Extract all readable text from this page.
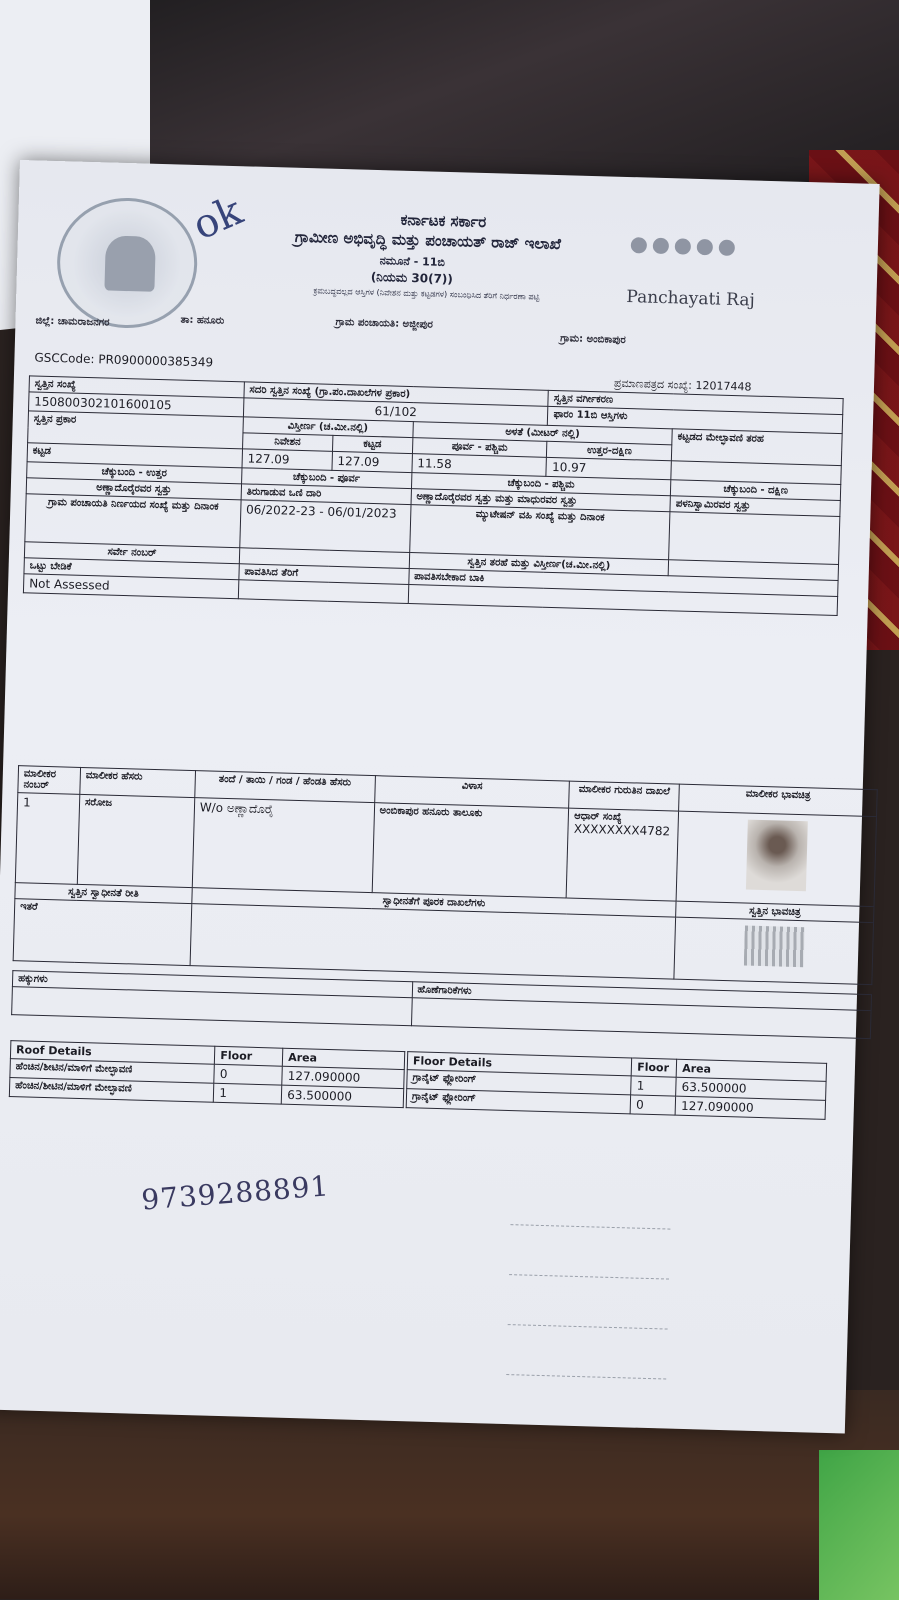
ok	ಕರ್ನಾಟಕ ಸರ್ಕಾರ
ಗ್ರಾಮೀಣ ಅಭಿವೃದ್ಧಿ ಮತ್ತು ಪಂಚಾಯತ್ ರಾಜ್ ಇಲಾಖೆ
ನಮೂನೆ - 11ಬಿ
(ನಿಯಮ 30(7))
ಕ್ರಮಬದ್ಧವಲ್ಲದ ಆಸ್ತಿಗಳ (ನಿವೇಶನ ಮತ್ತು ಕಟ್ಟಡಗಳ) ಸಂಬಂಧಿಸಿದ ತೆರಿಗೆ ನಿರ್ಧರಣಾ ಪಟ್ಟಿ	Panchayati Raj
ಜಿಲ್ಲೆ: ಚಾಮರಾಜನಗರ	ತಾ: ಹನೂರು	ಗ್ರಾಮ ಪಂಚಾಯತಿ: ಅಜ್ಜೀಪುರ
ಗ್ರಾಮ: ಅಂಬಿಕಾಪುರ
GSCCode: PR0900000385349
ಪ್ರಮಾಣಪತ್ರದ ಸಂಖ್ಯೆ: 12017448
ಸ್ವತ್ತಿನ ಸಂಖ್ಯೆ	ಸದರಿ ಸ್ವತ್ತಿನ ಸಂಖ್ಯೆ (ಗ್ರಾ.ಪಂ.ದಾಖಲೆಗಳ ಪ್ರಕಾರ)			ಸ್ವತ್ತಿನ ವರ್ಗೀಕರಣ	
150800302101600105	61/102			ಫಾರಂ 11ಬಿ ಆಸ್ತಿಗಳು	
ಸ್ವತ್ತಿನ ಪ್ರಕಾರ	ವಿಸ್ತೀರ್ಣ (ಚ.ಮೀ.ನಲ್ಲಿ)		ಅಳತೆ (ಮೀಟರ್ ನಲ್ಲಿ)		ಕಟ್ಟಡದ ಮೇಲ್ಛಾವಣಿ ತರಹ
	ನಿವೇಶನ	ಕಟ್ಟಡ	ಪೂರ್ವ - ಪಶ್ಚಿಮ	ಉತ್ತರ-ದಕ್ಷಿಣ	
ಕಟ್ಟಡ	127.09	127.09	11.58	10.97	
ಚೆಕ್ಕುಬಂದಿ - ಉತ್ತರ	ಚೆಕ್ಕುಬಂದಿ - ಪೂರ್ವ		ಚೆಕ್ಕುಬಂದಿ - ಪಶ್ಚಿಮ		ಚೆಕ್ಕುಬಂದಿ - ದಕ್ಷಿಣ
ಅಣ್ಣಾದೊರೈರವರ ಸ್ವತ್ತು	ತಿರುಗಾಡುವ ಒಣಿ ದಾರಿ		ಅಣ್ಣಾದೊರೈರವರ ಸ್ವತ್ತು ಮತ್ತು ಮಾಧುರವರ ಸ್ವತ್ತು		ಪಳನಿಸ್ವಾಮಿರವರ ಸ್ವತ್ತು
ಗ್ರಾಮ ಪಂಚಾಯತಿ ನಿರ್ಣಯದ ಸಂಖ್ಯೆ ಮತ್ತು ದಿನಾಂಕ	06/2022-23 - 06/01/2023		ಮ್ಯುಟೇಷನ್ ವಹಿ ಸಂಖ್ಯೆ ಮತ್ತು ದಿನಾಂಕ		
ಸರ್ವೇ ನಂಬರ್			ಸ್ವತ್ತಿನ ತರಹೆ ಮತ್ತು ವಿಸ್ತೀರ್ಣ(ಚ.ಮೀ.ನಲ್ಲಿ)		
ಒಟ್ಟು ಬೇಡಿಕೆ	ಪಾವತಿಸಿದ ತೆರಿಗೆ		ಪಾವತಿಸಬೇಕಾದ ಬಾಕಿ		
Not Assessed					
ಮಾಲೀಕರ ನಂಬರ್	ಮಾಲೀಕರ ಹೆಸರು	ತಂದೆ / ತಾಯಿ / ಗಂಡ / ಹೆಂಡತಿ ಹೆಸರು	ವಿಳಾಸ	ಮಾಲೀಕರ ಗುರುತಿನ ದಾಖಲೆ	ಮಾಲೀಕರ ಭಾವಚಿತ್ರ
1	ಸರೋಜ	W/o ಅಣ್ಣಾದೊರೈ	ಅಂಬಿಕಾಪುರ ಹನೂರು ತಾಲೂಕು	ಆಧಾರ್ ಸಂಖ್ಯೆ
XXXXXXXX4782	

ಸ್ವತ್ತಿನ ಸ್ವಾಧೀನತೆ ರೀತಿ		ಸ್ವಾಧೀನತೆಗೆ ಪೂರಕ ದಾಖಲೆಗಳು			ಸ್ವತ್ತಿನ ಭಾವಚಿತ್ರ
ಇತರೆ					
ಹಕ್ಕುಗಳು	ಹೊಣೆಗಾರಿಕೆಗಳು

Roof Details	Floor	Area
ಹೆಂಚಿನ/ಶೀಟಿನ/ಮಾಳಿಗೆ ಮೇಲ್ಛಾವಣಿ	0	127.090000
ಹೆಂಚಿನ/ಶೀಟಿನ/ಮಾಳಿಗೆ ಮೇಲ್ಛಾವಣಿ	1	63.500000
Floor Details	Floor	Area
ಗ್ರಾನೈಟ್ ಫ್ಲೋರಿಂಗ್	1	63.500000
ಗ್ರಾನೈಟ್ ಫ್ಲೋರಿಂಗ್	0	127.090000
9739288891
